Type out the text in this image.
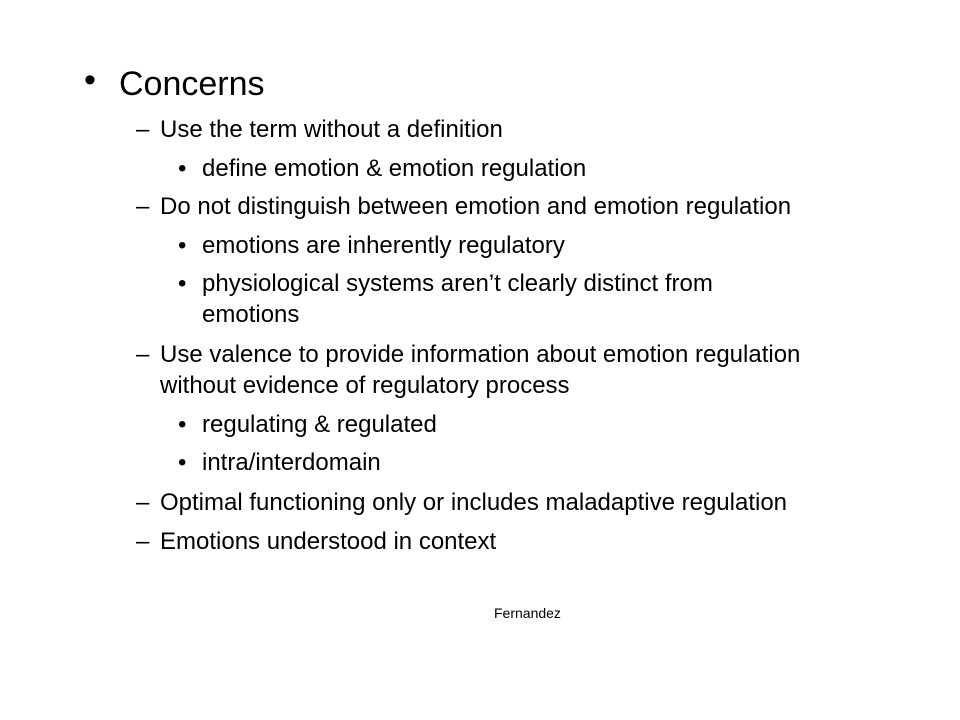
• Concerns
– Use the term without a definition
• define emotion & emotion regulation
– Do not distinguish between emotion and emotion regulation
• emotions are inherently regulatory
• physiological systems aren’t clearly distinct from
emotions
– Use valence to provide information about emotion regulation
without evidence of regulatory process
• regulating & regulated
• intra/interdomain
– Optimal functioning only or includes maladaptive regulation
– Emotions understood in context
Fernandez
